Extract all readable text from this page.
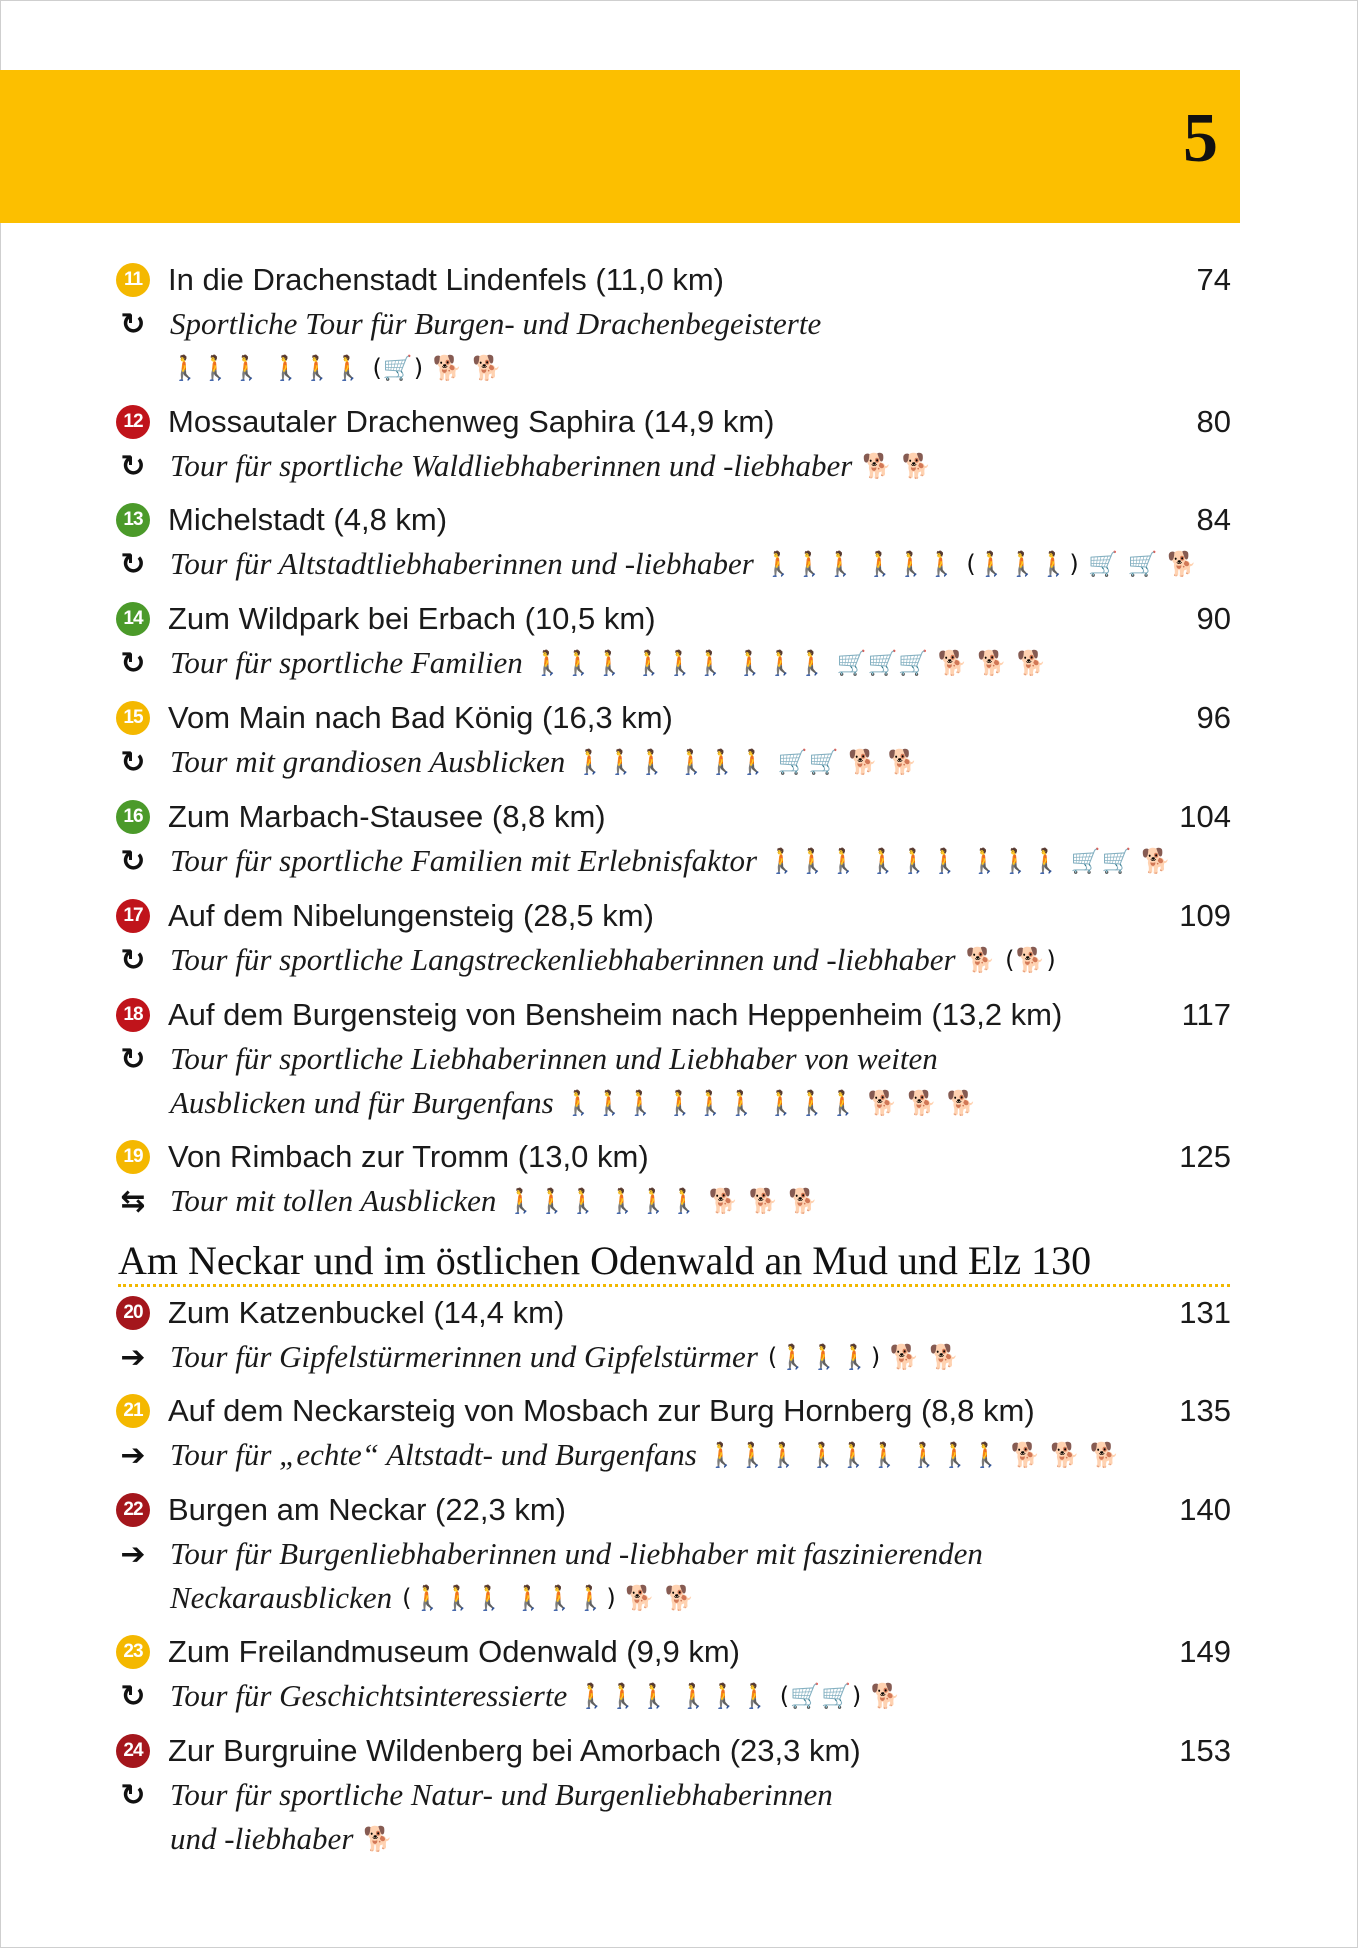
5
11 In die Drachenstadt Lindenfels (11,0 km)	74
↻ Sportliche Tour für Burgen- und Drachenbegeisterte
🚶🚶🚶 🚶🚶🚶 (🛒) 🐕 🐕
12 Mossautaler Drachenweg Saphira (14,9 km)	80
↻ Tour für sportliche Waldliebhaberinnen und -liebhaber 🐕 🐕
13 Michelstadt (4,8 km)	84
↻ Tour für Altstadtliebhaberinnen und -liebhaber 🚶🚶🚶 🚶🚶🚶 (🚶🚶🚶) 🛒 🛒 🐕
14 Zum Wildpark bei Erbach (10,5 km)	90
↻ Tour für sportliche Familien 🚶🚶🚶 🚶🚶🚶 🚶🚶🚶 🛒🛒🛒 🐕 🐕 🐕
15 Vom Main nach Bad König (16,3 km)	96
↻ Tour mit grandiosen Ausblicken 🚶🚶🚶 🚶🚶🚶 🛒🛒 🐕 🐕
16 Zum Marbach-Stausee (8,8 km)	104
↻ Tour für sportliche Familien mit Erlebnisfaktor 🚶🚶🚶 🚶🚶🚶 🚶🚶🚶 🛒🛒 🐕
17 Auf dem Nibelungensteig (28,5 km)	109
↻ Tour für sportliche Langstreckenliebhaberinnen und -liebhaber 🐕 (🐕)
18 Auf dem Burgensteig von Bensheim nach Heppenheim (13,2 km)	117
↻ Tour für sportliche Liebhaberinnen und Liebhaber von weiten
Ausblicken und für Burgenfans 🚶🚶🚶 🚶🚶🚶 🚶🚶🚶 🐕 🐕 🐕
19 Von Rimbach zur Tromm (13,0 km)	125
⇆ Tour mit tollen Ausblicken 🚶🚶🚶 🚶🚶🚶 🐕 🐕 🐕
20 Zum Katzenbuckel (14,4 km)	131
➔ Tour für Gipfelstürmerinnen und Gipfelstürmer (🚶🚶🚶) 🐕 🐕
21 Auf dem Neckarsteig von Mosbach zur Burg Hornberg (8,8 km)	135
➔ Tour für „echte“ Altstadt- und Burgenfans 🚶🚶🚶 🚶🚶🚶 🚶🚶🚶 🐕 🐕 🐕
22 Burgen am Neckar (22,3 km)	140
➔ Tour für Burgenliebhaberinnen und -liebhaber mit faszinierenden
Neckarausblicken (🚶🚶🚶 🚶🚶🚶) 🐕 🐕
23 Zum Freilandmuseum Odenwald (9,9 km)	149
↻ Tour für Geschichtsinteressierte 🚶🚶🚶 🚶🚶🚶 (🛒🛒) 🐕
24 Zur Burgruine Wildenberg bei Amorbach (23,3 km)	153
↻ Tour für sportliche Natur- und Burgenliebhaberinnen
und -liebhaber 🐕
Am Neckar und im östlichen Odenwald an Mud und Elz 130
